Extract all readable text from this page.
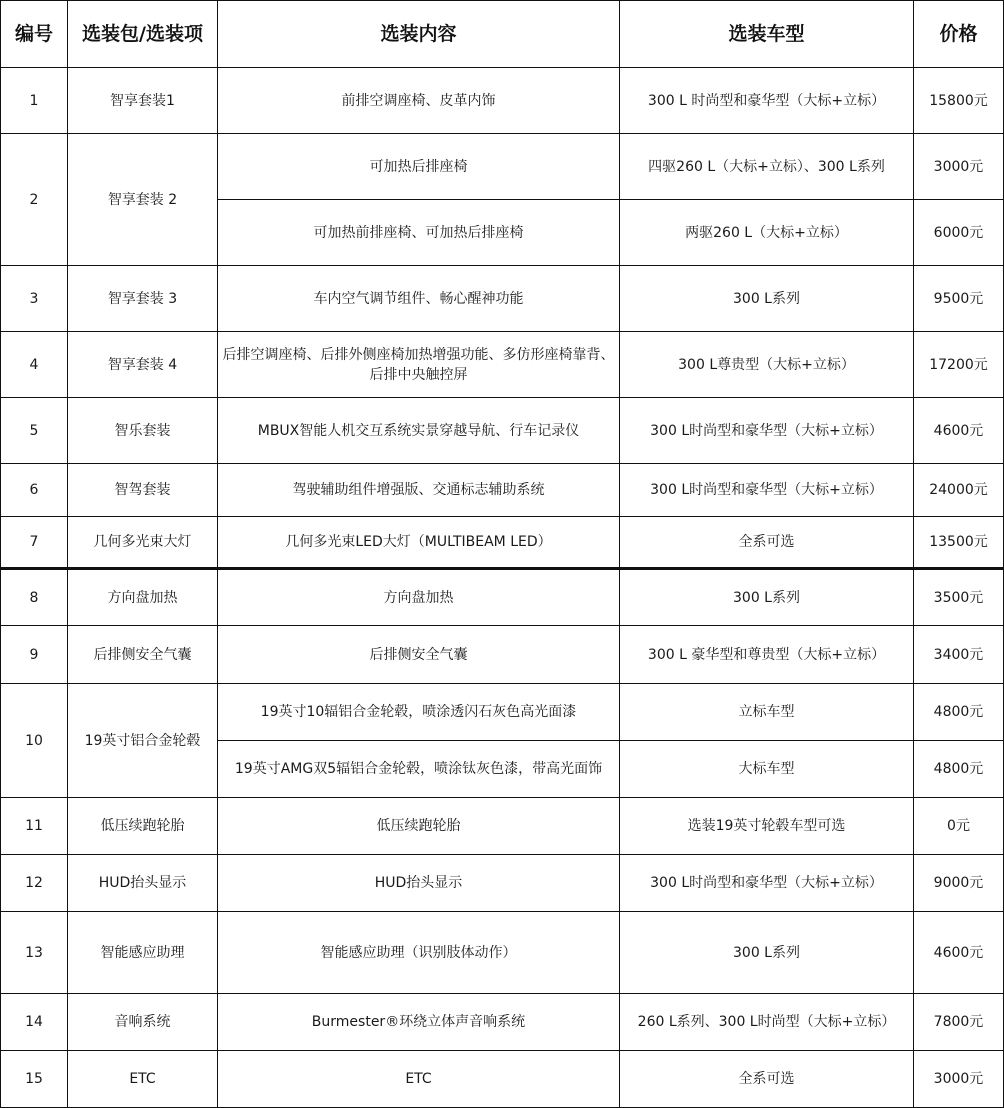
编号	选装包/选装项	选装内容	选装车型	价格
1	智享套装1	前排空调座椅、皮革内饰	300 L 时尚型和豪华型（大标+立标）	15800元
2	智享套装 2	可加热后排座椅	四驱260 L（大标+立标）、300 L系列	3000元
		可加热前排座椅、可加热后排座椅	两驱260 L（大标+立标）	6000元
3	智享套装 3	车内空气调节组件、畅心醒神功能	300 L系列	9500元
4	智享套装 4	后排空调座椅、后排外侧座椅加热增强功能、多仿形座椅靠背、后排中央触控屏	300 L尊贵型（大标+立标）	17200元
5	智乐套装	MBUX智能人机交互系统实景穿越导航、行车记录仪	300 L时尚型和豪华型（大标+立标）	4600元
6	智驾套装	驾驶辅助组件增强版、交通标志辅助系统	300 L时尚型和豪华型（大标+立标）	24000元
7	几何多光束大灯	几何多光束LED大灯（MULTIBEAM LED）	全系可选	13500元
8	方向盘加热	方向盘加热	300 L系列	3500元
9	后排侧安全气囊	后排侧安全气囊	300 L 豪华型和尊贵型（大标+立标）	3400元
10	19英寸铝合金轮毂	19英寸10辐铝合金轮毂，喷涂透闪石灰色高光面漆	立标车型	4800元
		19英寸AMG双5辐铝合金轮毂，喷涂钛灰色漆，带高光面饰	大标车型	4800元
11	低压续跑轮胎	低压续跑轮胎	选装19英寸轮毂车型可选	0元
12	HUD抬头显示	HUD抬头显示	300 L时尚型和豪华型（大标+立标）	9000元
13	智能感应助理	智能感应助理（识别肢体动作）	300 L系列	4600元
14	音响系统	Burmester®环绕立体声音响系统	260 L系列、300 L时尚型（大标+立标）	7800元
15	ETC	ETC	全系可选	3000元
